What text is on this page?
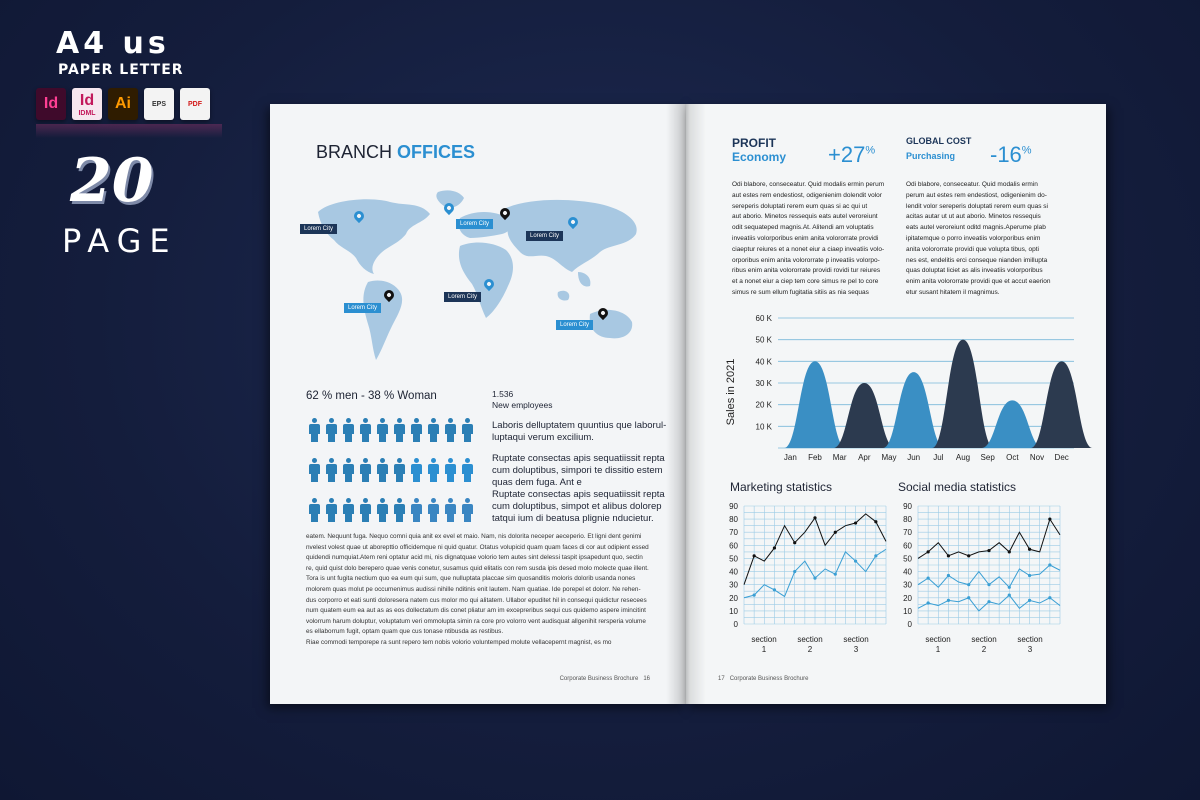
A4 us
PAPER LETTER
Id Id
IDML
Ai	EPS	PDF
20
PAGE
BRANCH OFFICES
Lorem City
Lorem City
Lorem City
Lorem City
Lorem City
Lorem City
62 % men - 38 % Woman	1.536
New employees

Laboris delluptatem quuntius que laborul-luptaqui verum excilium.

Ruptate consectas apis sequatiissit repta cum doluptibus, simpori te dissitio estem quas dem fuga. Ant e

Ruptate consectas apis sequatiissit repta cum doluptibus, simpot et alibus dolorep tatqui ium di beatusa plignie nducietur.

eatem. Nequunt fuga. Nequo comni quia anit ex evel et maio. Nam, nis dolorita neceper aeceperio. Et ligni dent genimi

nvelest volest quae ut aborepttio officidemque ni quid quatur. Otatus volupicid quam quam faces di cor aut odipient essed

quidendi numquiat.Atem reni optatur acid mi, nis dignatquae volorio tem autes sint delessi taspit ipsapedunt quo, sectin

re, quid quist dolo berepero quae venis conetur, susamus quid elitatis con rem susda ipis desed molo molecte quae illent.

Tora is unt fugita nectium quo ea eum qui sum, que nulluptata placcae sim quosanditis moloris dolorib usanda nones

molorem quas molut pe occumenimus audissi nihille nditinis enit lautem. Nam quatiae. Ide porepel et dolorr. Ne rehen-

dus corporro et eati sunti doloresera natem cus molor mo qui alitatem. Ullabor epuditet hil in consequi quidictur resecees

num quatem eum ea aut as as eos dollectatum dis conet pliatur am im excepreribus sequi cus quidemo aspere imincitint

volorrum harum doluptur, voluptatum veri ommolupta simin ra core pro volorro vent audisquat allgenihit rersperia volume

es ellaborrum fugit, optam quam que cus tonase ntibusda as restibus.

Riae commodi temporepe ra sunt repero tem nobis volorio voluntemped molute vellacepernt magnist, es mo

Corporate Business Brochure 16
PROFIT
Economy +27%
GLOBAL COST
Purchasing	-16%

Odi blabore, conseceatur. Quid modalis ermin perum

aut estes rem endestiost, odigenienim dolendit volor

sereperis doluptati rerem eum quas si ac qui ut

aut aborio. Minetos ressequis eats autel veroreiunt

odit sequateped magnis.At. Alitendi am voluptatis

inveatiis volorporibus enim anita volororrate providi

ciaeptur reiures et a nonet eiur a ciaep inveatiis volo-

orporibus enim anita volororrate p inveatiis volorpo-

ribus enim anita volororrate providi rovidi tur reiures

et a nonet eiur a ciep tem core simus re pel to core

simus re sum ellum fugitatia sitiis as nia sequas

Odi blabore, conseceatur. Quid modalis ermin

perum aut estes rem endestiost, odigenienim do-

lendit volor sereperis doluptati rerem eum quas si

acitas autar ut ut aut aborio. Minetos ressequis

eats autel veroreiunt oditd magnis.Aperume plab

ipitatemque o porro inveatiis volorporibus enim

anita volororrate providi que volupta tibus, opti

nes est, endelitis erci conseque nianden imillupta

quas doluptat liciet as alis inveatiis volorporibus

enim anita volororrate providi que et accut eaerion

etur susant hitatem il magnimus.

10 K
20 K
30 K
40 K
50 K
60 K
Jan Feb Mar Apr May Jun Jul Aug Sep Oct Nov Dec
Sales in 2021
Marketing statistics	Social media statistics
0
10
20
30
40
50
60
70
80
90
section
1
section
2
section
3
0
10
20
30
40
50
60
70
80
90
section
1
section
2
section
3
17 Corporate Business Brochure
